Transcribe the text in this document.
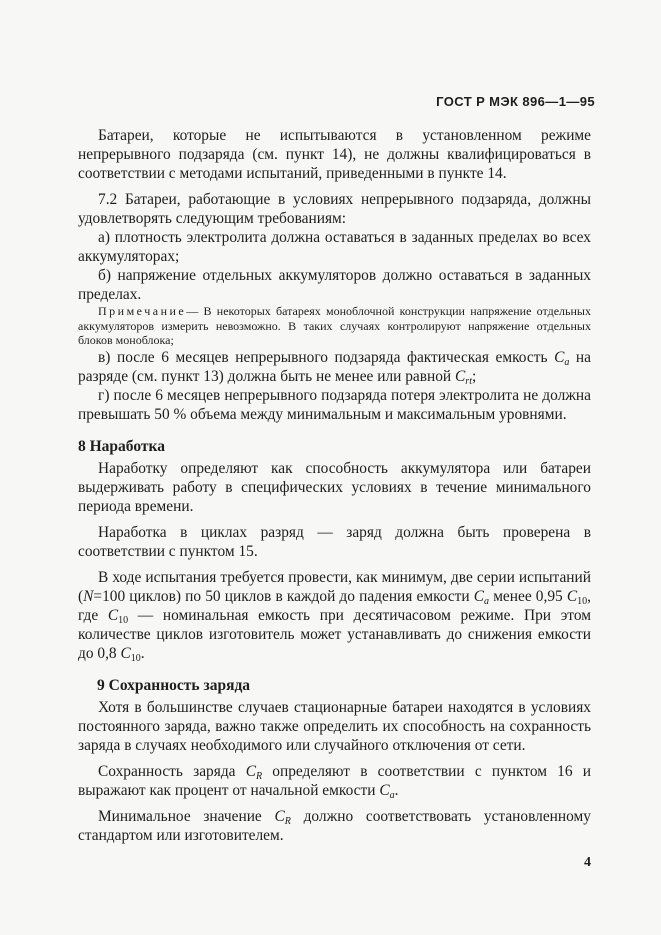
ГОСТ Р МЭК 896—1—95

Батареи, которые не испытываются в установленном режиме непрерывного подзаряда (см. пункт 14), не должны квалифицироваться в соответствии с методами испытаний, приведенными в пункте 14.

7.2 Батареи, работающие в условиях непрерывного подзаряда, должны удовлетворять следующим требованиям:

а) плотность электролита должна оставаться в заданных пределах во всех аккумуляторах;

б) напряжение отдельных аккумуляторов должно оставаться в заданных пределах.

Примечание— В некоторых батареях моноблочной конструкции напряжение отдельных аккумуляторов измерить невозможно. В таких случаях контролируют напряжение отдельных блоков моноблока;

в) после 6 месяцев непрерывного подзаряда фактическая емкость $C_a$ на разряде (см. пункт 13) должна быть не менее или равной $C_{rt}$;

г) после 6 месяцев непрерывного подзаряда потеря электролита не должна превышать 50 % объема между минимальным и максимальным уровнями.

8 Наработка

Наработку определяют как способность аккумулятора или батареи выдерживать работу в специфических условиях в течение минимального периода времени.

Наработка в циклах разряд — заряд должна быть проверена в соответствии с пунктом 15.

В ходе испытания требуется провести, как минимум, две серии испытаний (N=100 циклов) по 50 циклов в каждой до падения емкости $C_a$ менее 0,95 $C_{10}$, где $C_{10}$ — номинальная емкость при десятичасовом режиме. При этом количестве циклов изготовитель может устанавливать до снижения емкости до 0,8 $C_{10}$.

9 Сохранность заряда

Хотя в большинстве случаев стационарные батареи находятся в условиях постоянного заряда, важно также определить их способность на сохранность заряда в случаях необходимого или случайного отключения от сети.

Сохранность заряда $C_R$ определяют в соответствии с пунктом 16 и выражают как процент от начальной емкости $C_a$.

Минимальное значение $C_R$ должно соответствовать установленному стандартом или изготовителем.

4
